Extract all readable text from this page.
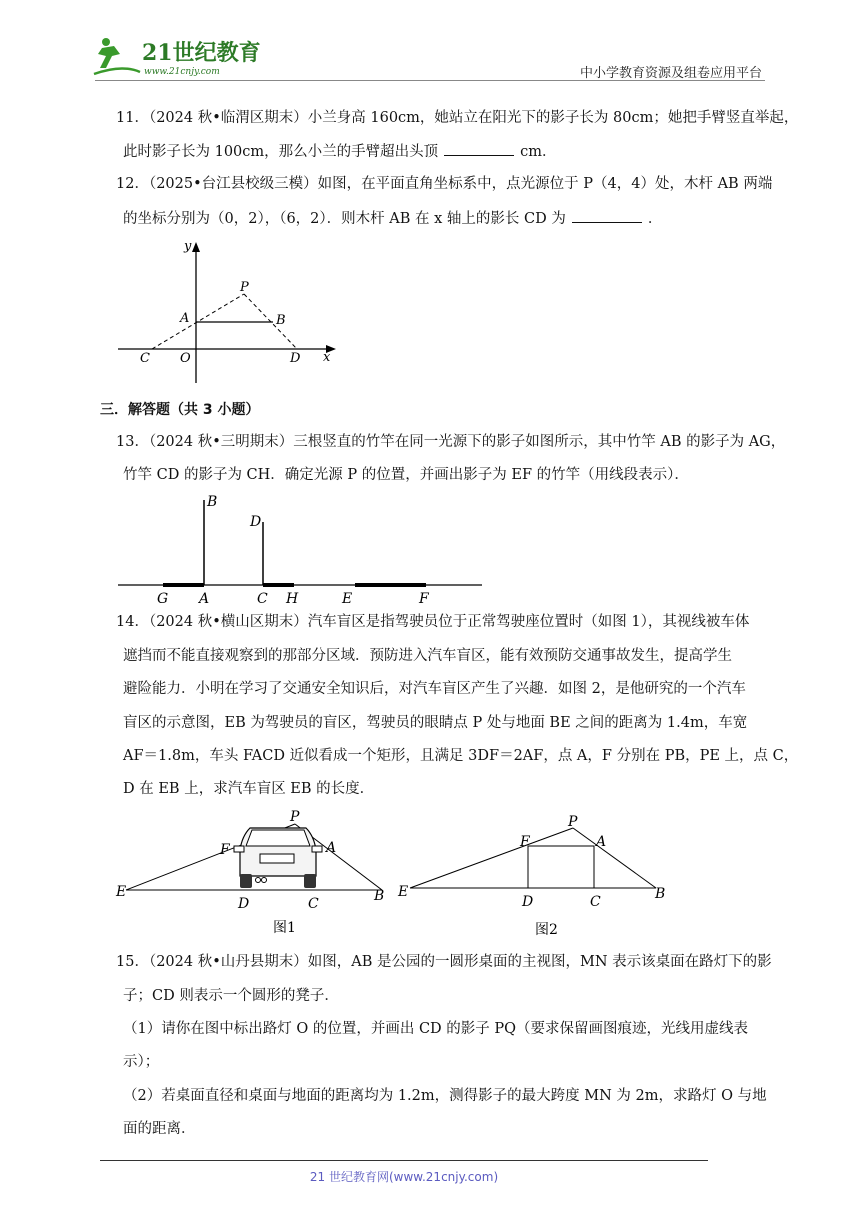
21世纪教育
www.21cnjy.com	中小学教育资源及组卷应用平台
11．（2024 秋•临渭区期末）小兰身高 160cm，她站立在阳光下的影子长为 80cm；她把手臂竖直举起，
此时影子长为 100cm，那么小兰的手臂超出头顶	cm．
12．（2025•台江县校级三模）如图，在平面直角坐标系中，点光源位于 P（4，4）处，木杆 AB 两端
的坐标分别为（0，2），（6，2）．则木杆 AB 在 x 轴上的影长 CD 为	．
y
x
P
A	B
C O	D
三．解答题（共 3 小题）
13．（2024 秋•三明期末）三根竖直的竹竿在同一光源下的影子如图所示，其中竹竿 AB 的影子为 AG，
竹竿 CD 的影子为 CH．确定光源 P 的位置，并画出影子为 EF 的竹竿（用线段表示）．
B
D
G A	C H	E	F
14．（2024 秋•横山区期末）汽车盲区是指驾驶员位于正常驾驶座位置时（如图 1），其视线被车体
遮挡而不能直接观察到的那部分区域．预防进入汽车盲区，能有效预防交通事故发生，提高学生
避险能力．小明在学习了交通安全知识后，对汽车盲区产生了兴趣．如图 2，是他研究的一个汽车
盲区的示意图，EB 为驾驶员的盲区，驾驶员的眼睛点 P 处与地面 BE 之间的距离为 1.4m，车宽
AF＝1.8m，车头 FACD 近似看成一个矩形，且满足 3DF＝2AF，点 A，F 分别在 PB，PE 上，点 C，
D 在 EB 上，求汽车盲区 EB 的长度．
P
F	A
E
D	C	B
图1
P
F	A
E
D	C	B
图2
15．（2024 秋•山丹县期末）如图，AB 是公园的一圆形桌面的主视图，MN 表示该桌面在路灯下的影
子；CD 则表示一个圆形的凳子．
（1）请你在图中标出路灯 O 的位置，并画出 CD 的影子 PQ（要求保留画图痕迹，光线用虚线表
示）；
（2）若桌面直径和桌面与地面的距离均为 1.2m，测得影子的最大跨度 MN 为 2m，求路灯 O 与地
面的距离．
21 世纪教育网(www.21cnjy.com)
